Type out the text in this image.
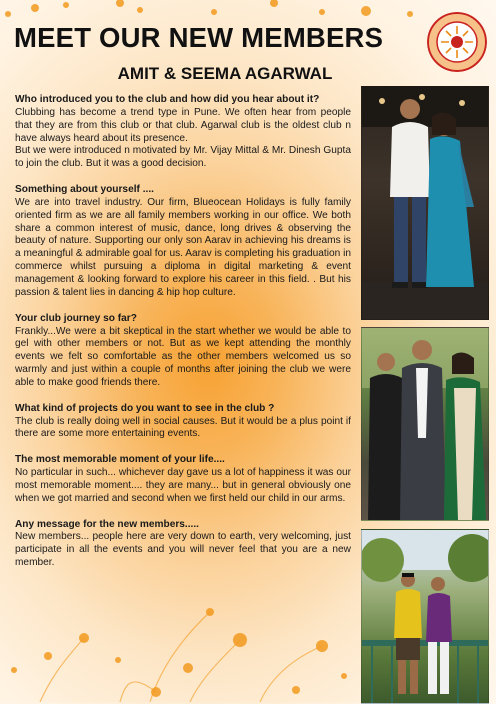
MEET OUR NEW MEMBERS
AMIT & SEEMA AGARWAL

Who introduced you to the club and how did you hear about it?

Clubbing has become a trend type in Pune. We often hear from people that they are from this club or that club. Agarwal club is the oldest club n have always heard about its presence.
But we were introduced n motivated by Mr. Vijay Mittal & Mr. Dinesh Gupta to join the club. But it was a good decision.

Something about yourself ....

We are into travel industry. Our firm, Blueocean Holidays is fully family oriented firm as we are all family members working in our office. We both share a common interest of music, dance, long drives & observing the beauty of nature. Supporting our only son Aarav in achieving his dreams is a meaningful & admirable goal for us. Aarav is completing his graduation in commerce whilst pursuing a diploma in digital marketing & event management & looking forward to explore his career in this field. . But his passion & talent lies in dancing & hip hop culture.

Your club journey so far?

Frankly...We were a bit skeptical in the start whether we would be able to gel with other members or not. But as we kept attending the monthly events we felt so comfortable as the other members welcomed us so warmly and just within a couple of months after joining the club we were able to make good friends there.

What kind of projects do you want to see in the club ?

The club is really doing well in social causes. But it would be a plus point if there are some more entertaining events.

The most memorable moment of your life....

No particular in such... whichever day gave us a lot of happiness it was our most memorable moment.... they are many... but in general obviously one when we got married and second when we first held our child in our arms.

Any message for the new members.....

New members... people here are very down to earth, very welcoming, just participate in all the events and you will never feel that you are a new member.
